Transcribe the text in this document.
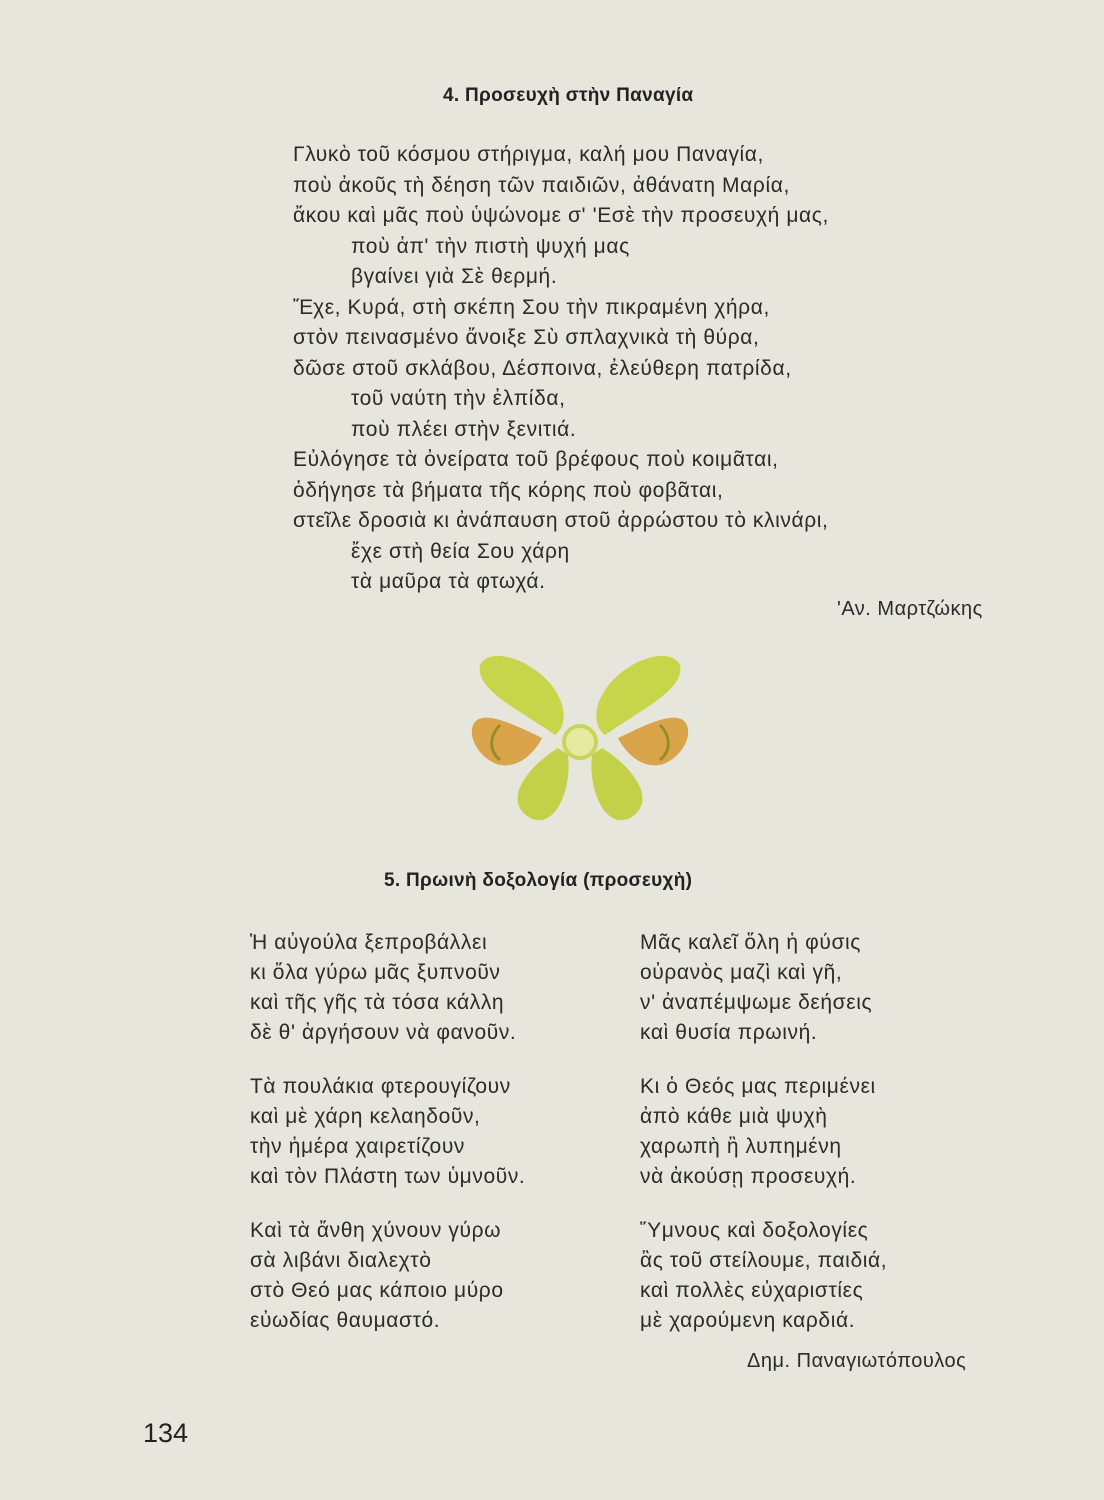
4. Προσευχὴ στὴν Παναγία
Γλυκὸ τοῦ κόσμου στήριγμα, καλή μου Παναγία,
ποὺ ἀκοῦς τὴ δέηση τῶν παιδιῶν, ἀθάνατη Μαρία,
ἄκου καὶ μᾶς ποὺ ὑψώνομε σ' 'Εσὲ τὴν προσευχή μας,
ποὺ ἀπ' τὴν πιστὴ ψυχή μας
βγαίνει γιὰ Σὲ θερμή.
Ἔχε, Κυρά, στὴ σκέπη Σου τὴν πικραμένη χήρα,
στὸν πεινασμένο ἄνοιξε Σὺ σπλαχνικὰ τὴ θύρα,
δῶσε στοῦ σκλάβου, Δέσποινα, ἐλεύθερη πατρίδα,
τοῦ ναύτη τὴν ἐλπίδα,
ποὺ πλέει στὴν ξενιτιά.
Εὐλόγησε τὰ ὀνείρατα τοῦ βρέφους ποὺ κοιμᾶται,
ὁδήγησε τὰ βήματα τῆς κόρης ποὺ φοβᾶται,
στεῖλε δροσιὰ κι ἀνάπαυση στοῦ ἀρρώστου τὸ κλινάρι,
ἔχε στὴ θεία Σου χάρη
τὰ μαῦρα τὰ φτωχά.
'Αν. Μαρτζώκης
5. Πρωινὴ δοξολογία (προσευχὴ)
Ἡ αὐγούλα ξεπροβάλλει
κι ὅλα γύρω μᾶς ξυπνοῦν
καὶ τῆς γῆς τὰ τόσα κάλλη
δὲ θ' ἀργήσουν νὰ φανοῦν.
Τὰ πουλάκια φτερουγίζουν
καὶ μὲ χάρη κελαηδοῦν,
τὴν ἡμέρα χαιρετίζουν
καὶ τὸν Πλάστη των ὑμνοῦν.
Καὶ τὰ ἄνθη χύνουν γύρω
σὰ λιβάνι διαλεχτὸ
στὸ Θεό μας κάποιο μύρο
εὐωδίας θαυμαστό.
Μᾶς καλεῖ ὅλη ἡ φύσις
οὐρανὸς μαζὶ καὶ γῆ,
ν' ἀναπέμψωμε δεήσεις
καὶ θυσία πρωινή.
Κι ὁ Θεός μας περιμένει
ἀπὸ κάθε μιὰ ψυχὴ
χαρωπὴ ἢ λυπημένη
νὰ ἀκούσῃ προσευχή.
Ὕμνους καὶ δοξολογίες
ἂς τοῦ στείλουμε, παιδιά,
καὶ πολλὲς εὐχαριστίες
μὲ χαρούμενη καρδιά.
Δημ. Παναγιωτόπουλος
134
